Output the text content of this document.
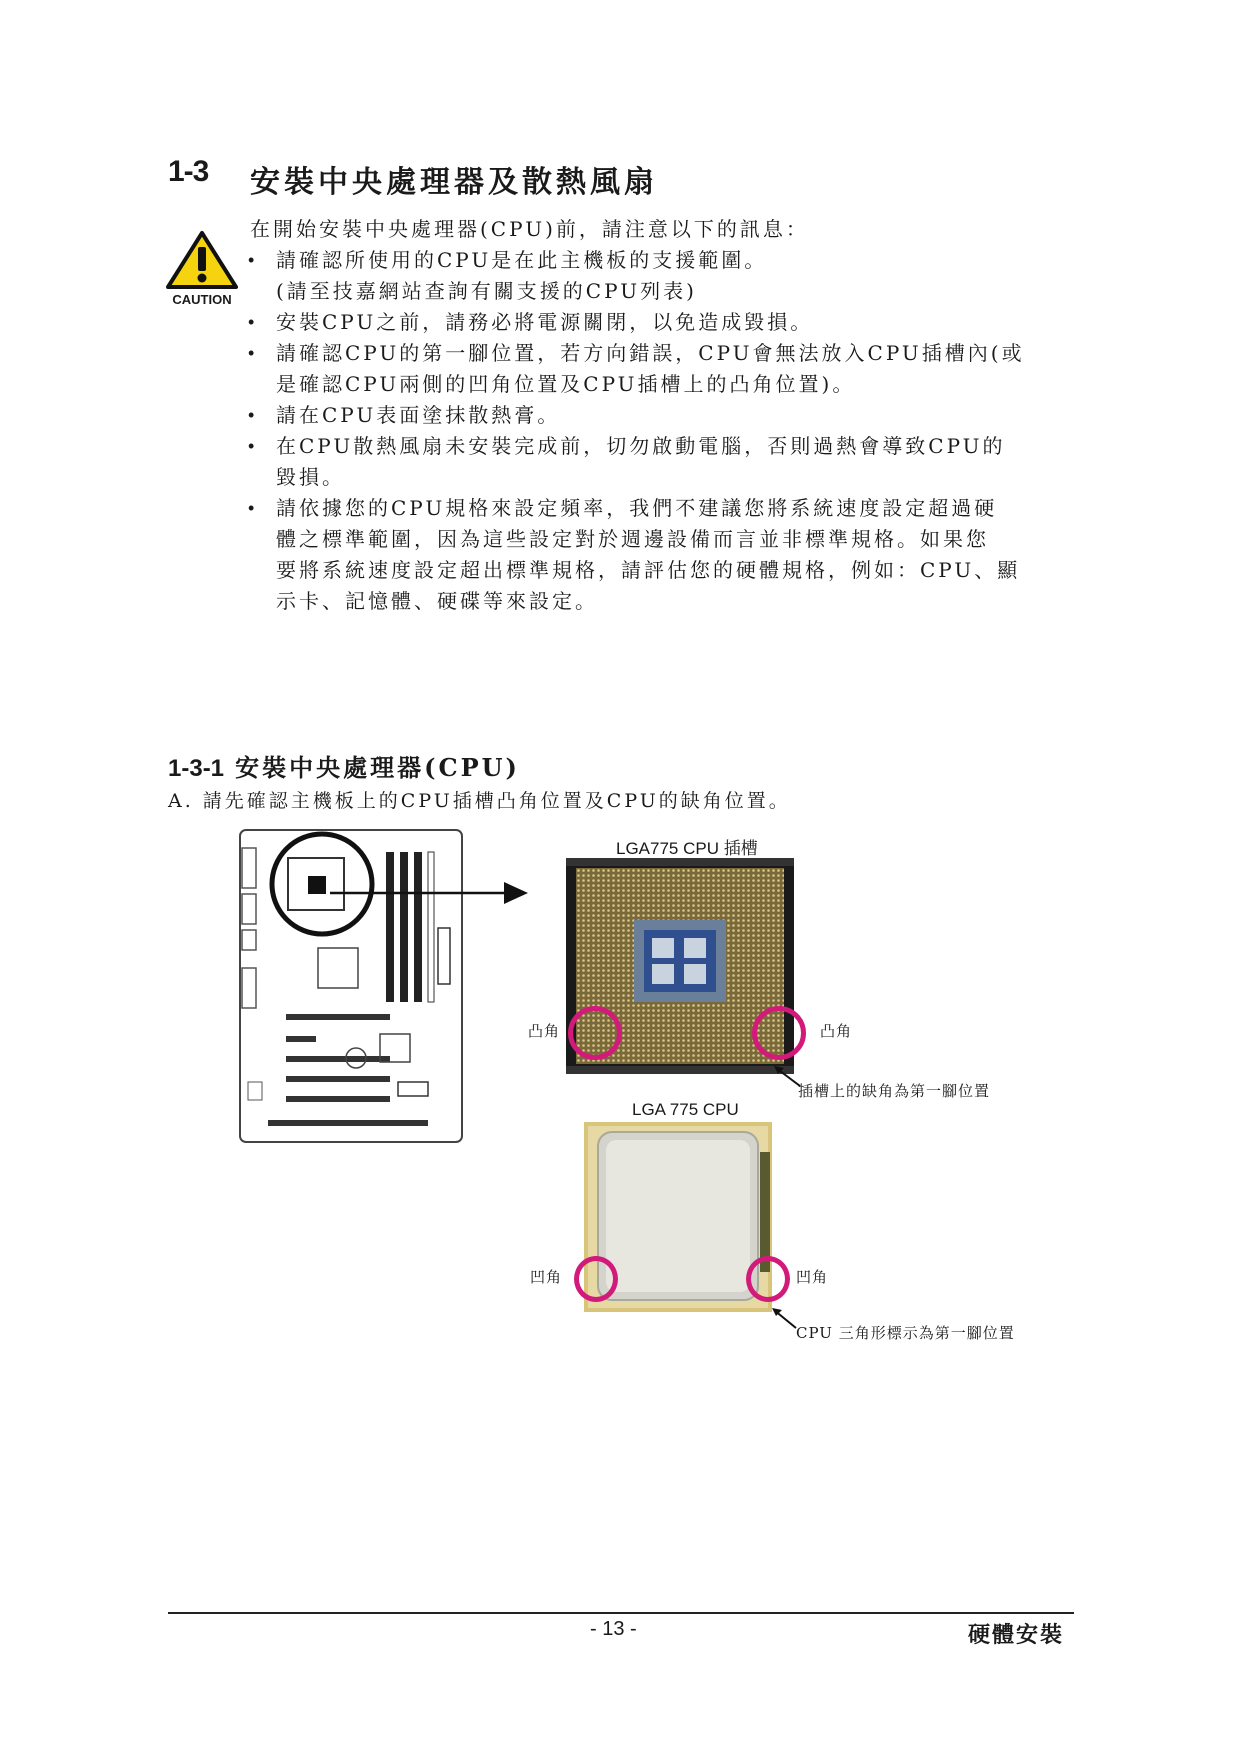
1-3 安裝中央處理器及散熱風扇
在開始安裝中央處理器(CPU)前，請注意以下的訊息：
CAUTION
• 請確認所使用的CPU是在此主機板的支援範圍。
(請至技嘉網站查詢有關支援的CPU列表)
• 安裝CPU之前，請務必將電源關閉，以免造成毀損。
• 請確認CPU的第一腳位置，若方向錯誤，CPU會無法放入CPU插槽內(或
是確認CPU兩側的凹角位置及CPU插槽上的凸角位置)。
• 請在CPU表面塗抹散熱膏。
• 在CPU散熱風扇未安裝完成前，切勿啟動電腦，否則過熱會導致CPU的
毀損。
• 請依據您的CPU規格來設定頻率，我們不建議您將系統速度設定超過硬
體之標準範圍，因為這些設定對於週邊設備而言並非標準規格。如果您
要將系統速度設定超出標準規格，請評估您的硬體規格，例如：CPU、顯
示卡、記憶體、硬碟等來設定。
1-3-1 安裝中央處理器(CPU)
A. 請先確認主機板上的CPU插槽凸角位置及CPU的缺角位置。
LGA775 CPU 插槽
凸角	凸角
插槽上的缺角為第一腳位置
LGA 775 CPU
凹角	凹角
CPU 三角形標示為第一腳位置
- 13 -	硬體安裝
